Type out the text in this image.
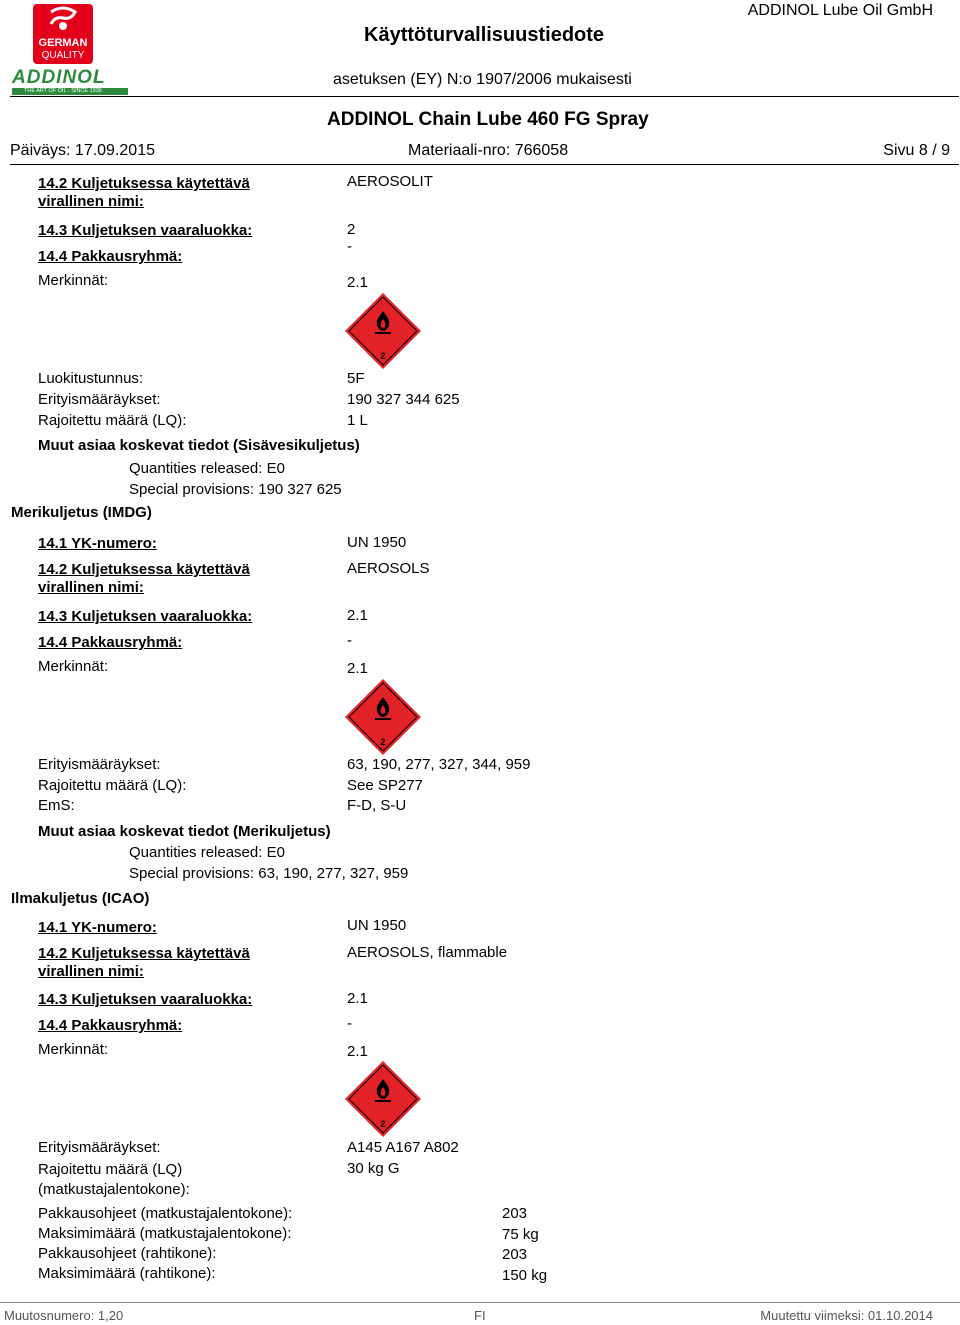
GERMAN
QUALITY
ADDINOL
THE ART OF OIL · SINCE 1936
Käyttöturvallisuustiedote
ADDINOL Lube Oil GmbH
asetuksen (EY) N:o 1907/2006 mukaisesti
ADDINOL Chain Lube 460 FG Spray
Päiväys: 17.09.2015	Materiaali-nro: 766058	Sivu 8 / 9
14.2 Kuljetuksessa käytettävä
virallinen nimi:
AEROSOLIT
14.3 Kuljetuksen vaaraluokka:	2
14.4 Pakkausryhmä:
-
Merkinnät:	2.1
2
Luokitustunnus:	5F
Erityismääräykset:	190 327 344 625
Rajoitettu määrä (LQ):	1 L
Muut asiaa koskevat tiedot (Sisävesikuljetus)
Quantities released: E0
Special provisions: 190 327 625
Merikuljetus (IMDG)
14.1 YK-numero:	UN 1950
14.2 Kuljetuksessa käytettävä
virallinen nimi:
AEROSOLS
14.3 Kuljetuksen vaaraluokka:	2.1
14.4 Pakkausryhmä:	-
Merkinnät:	2.1
2
Erityismääräykset:	63, 190, 277, 327, 344, 959
Rajoitettu määrä (LQ):	See SP277
EmS:	F-D, S-U
Muut asiaa koskevat tiedot (Merikuljetus)
Quantities released: E0
Special provisions: 63, 190, 277, 327, 959
Ilmakuljetus (ICAO)
14.1 YK-numero:	UN 1950
14.2 Kuljetuksessa käytettävä
virallinen nimi:
AEROSOLS, flammable
14.3 Kuljetuksen vaaraluokka:	2.1
14.4 Pakkausryhmä:	-
Merkinnät:	2.1
2
Erityismääräykset:	A145 A167 A802
Rajoitettu määrä (LQ)
(matkustajalentokone):
30 kg G
Pakkausohjeet (matkustajalentokone):	203
Maksimimäärä (matkustajalentokone):	75 kg
Pakkausohjeet (rahtikone):	203
Maksimimäärä (rahtikone):	150 kg
Muutosnumero: 1,20	FI	Muutettu viimeksi: 01.10.2014
